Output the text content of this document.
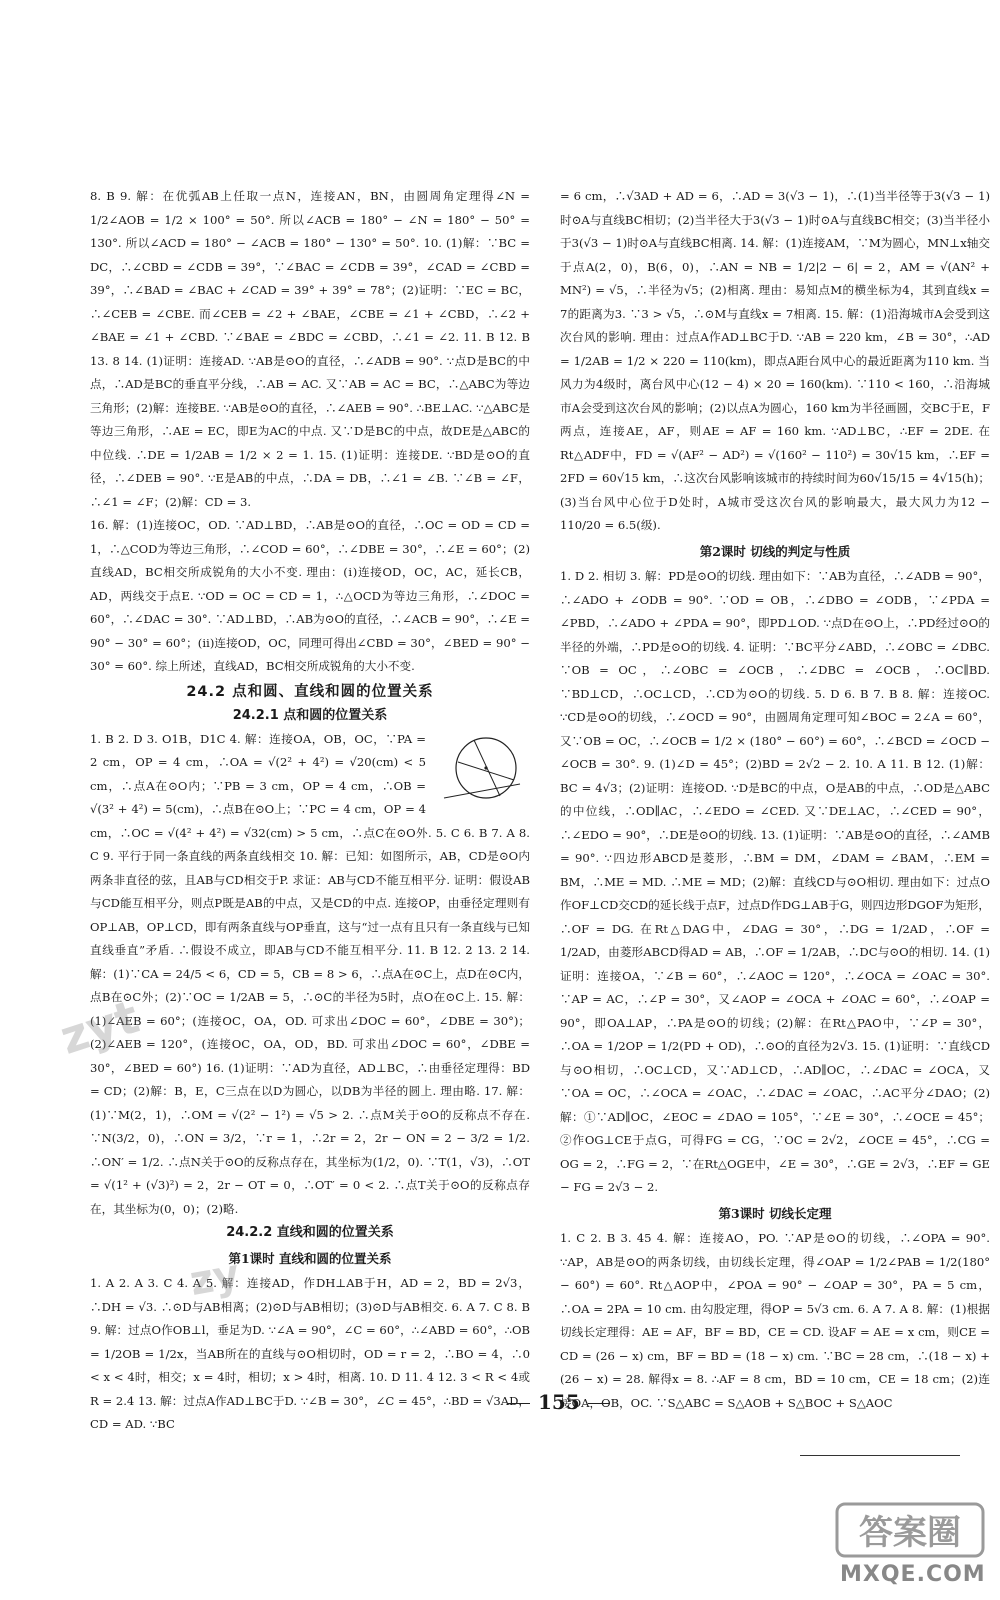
8. B 9. 解：在优弧AB上任取一点N，连接AN，BN，由圆周角定理得∠N = 1/2∠AOB = 1/2 × 100° = 50°. 所以∠ACB = 180° − ∠N = 180° − 50° = 130°. 所以∠ACD = 180° − ∠ACB = 180° − 130° = 50°. 10. (1)解：∵BC = DC，∴∠CBD = ∠CDB = 39°，∵∠BAC = ∠CDB = 39°，∠CAD = ∠CBD = 39°，∴∠BAD = ∠BAC + ∠CAD = 39° + 39° = 78°；(2)证明：∵EC = BC，∴∠CEB = ∠CBE. 而∠CEB = ∠2 + ∠BAE，∠CBE = ∠1 + ∠CBD，∴∠2 + ∠BAE = ∠1 + ∠CBD. ∵∠BAE = ∠BDC = ∠CBD，∴∠1 = ∠2. 11. B 12. B 13. 8 14. (1)证明：连接AD. ∵AB是⊙O的直径，∴∠ADB = 90°. ∵点D是BC的中点，∴AD是BC的垂直平分线，∴AB = AC. 又∵AB = AC = BC，∴△ABC为等边三角形；(2)解：连接BE. ∵AB是⊙O的直径，∴∠AEB = 90°. ∴BE⊥AC. ∵△ABC是等边三角形，∴AE = EC，即E为AC的中点. 又∵D是BC的中点，故DE是△ABC的中位线. ∴DE = 1/2AB = 1/2 × 2 = 1. 15. (1)证明：连接DE. ∵BD是⊙O的直径，∴∠DEB = 90°. ∵E是AB的中点，∴DA = DB，∴∠1 = ∠B. ∵∠B = ∠F，∴∠1 = ∠F；(2)解：CD = 3.

16. 解：(1)连接OC，OD. ∵AD⊥BD，∴AB是⊙O的直径，∴OC = OD = CD = 1，∴△COD为等边三角形，∴∠COD = 60°，∴∠DBE = 30°，∴∠E = 60°；(2)直线AD，BC相交所成锐角的大小不变. 理由：(ⅰ)连接OD，OC，AC，延长CB，AD，两线交于点E. ∵OD = OC = CD = 1，∴△OCD为等边三角形，∴∠DOC = 60°，∴∠DAC = 30°. ∵AD⊥BD，∴AB为⊙O的直径，∴∠ACB = 90°，∴∠E = 90° − 30° = 60°；(ⅱ)连接OD，OC，同理可得出∠CBD = 30°，∠BED = 90° − 30° = 60°. 综上所述，直线AD，BC相交所成锐角的大小不变.

24.2 点和圆、直线和圆的位置关系
24.2.1 点和圆的位置关系

1. B 2. D 3. O1B，D1C 4. 解：连接OA，OB，OC，∵PA = 2 cm，OP = 4 cm，∴OA = √(2² + 4²) = √20(cm) < 5 cm，∴点A在⊙O内；∵PB = 3 cm，OP = 4 cm，∴OB = √(3² + 4²) = 5(cm)，∴点B在⊙O上；∵PC = 4 cm，OP = 4 cm，∴OC = √(4² + 4²) = √32(cm) > 5 cm，∴点C在⊙O外. 5. C 6. B 7. A 8. C 9. 平行于同一条直线的两条直线相交 10. 解：已知：如图所示，AB，CD是⊙O内两条非直径的弦，且AB与CD相交于P. 求证：AB与CD不能互相平分. 证明：假设AB与CD能互相平分，则点P既是AB的中点，又是CD的中点. 连接OP，由垂径定理则有OP⊥AB，OP⊥CD，即有两条直线与OP垂直，这与“过一点有且只有一条直线与已知直线垂直”矛盾. ∴假设不成立，即AB与CD不能互相平分. 11. B 12. 2 13. 2 14. 解：(1)∵CA = 24/5 < 6，CD = 5，CB = 8 > 6，∴点A在⊙C上，点D在⊙C内，点B在⊙C外；(2)∵OC = 1/2AB = 5，∴⊙C的半径为5时，点O在⊙C上. 15. 解：(1)∠AEB = 60°；(连接OC，OA，OD. 可求出∠DOC = 60°，∠DBE = 30°)；(2)∠AEB = 120°，(连接OC，OA，OD，BD. 可求出∠DOC = 60°，∠DBE = 30°，∠BED = 60°) 16. (1)证明：∵AD为直径，AD⊥BC，∴由垂径定理得：BD = CD；(2)解：B，E，C三点在以D为圆心，以DB为半径的圆上. 理由略. 17. 解：(1)∵M(2，1)，∴OM = √(2² − 1²) = √5 > 2. ∴点M关于⊙O的反称点不存在. ∵N(3/2，0)，∴ON = 3/2，∵r = 1，∴2r = 2，2r − ON = 2 − 3/2 = 1/2. ∴ON′ = 1/2. ∴点N关于⊙O的反称点存在，其坐标为(1/2，0). ∵T(1，√3)，∴OT = √(1² + (√3)²) = 2，2r − OT = 0，∴OT′ = 0 < 2. ∴点T关于⊙O的反称点存在，其坐标为(0，0)；(2)略.

24.2.2 直线和圆的位置关系
第1课时 直线和圆的位置关系

1. A 2. A 3. C 4. A 5. 解：连接AD，作DH⊥AB于H，AD = 2，BD = 2√3，∴DH = √3. ∴⊙D与AB相离；(2)⊙D与AB相切；(3)⊙D与AB相交. 6. A 7. C 8. B 9. 解：过点O作OB⊥l，垂足为D. ∵∠A = 90°，∠C = 60°，∴∠ABD = 60°，∴OB = 1/2OB = 1/2x，当AB所在的直线与⊙O相切时，OD = r = 2，∴BO = 4，∴0 < x < 4时，相交；x = 4时，相切；x > 4时，相离. 10. D 11. 4 12. 3 < R < 4或R = 2.4 13. 解：过点A作AD⊥BC于D. ∵∠B = 30°，∠C = 45°，∴BD = √3AD，CD = AD. ∵BC

= 6 cm，∴√3AD + AD = 6，∴AD = 3(√3 − 1)，∴(1)当半径等于3(√3 − 1)时⊙A与直线BC相切；(2)当半径大于3(√3 − 1)时⊙A与直线BC相交；(3)当半径小于3(√3 − 1)时⊙A与直线BC相离. 14. 解：(1)连接AM，∵M为圆心，MN⊥x轴交于点A(2，0)，B(6，0)，∴AN = NB = 1/2|2 − 6| = 2，AM = √(AN² + MN²) = √5，∴半径为√5；(2)相离. 理由：易知点M的横坐标为4，其到直线x = 7的距离为3. ∵3 > √5，∴⊙M与直线x = 7相离. 15. 解：(1)沿海城市A会受到这次台风的影响. 理由：过点A作AD⊥BC于D. ∵AB = 220 km，∠B = 30°，∴AD = 1/2AB = 1/2 × 220 = 110(km)，即点A距台风中心的最近距离为110 km. 当风力为4级时，离台风中心(12 − 4) × 20 = 160(km). ∵110 < 160，∴沿海城市A会受到这次台风的影响；(2)以点A为圆心，160 km为半径画圆，交BC于E，F两点，连接AE，AF，则AE = AF = 160 km. ∵AD⊥BC，∴EF = 2DE. 在Rt△ADF中，FD = √(AF² − AD²) = √(160² − 110²) = 30√15 km，∴EF = 2FD = 60√15 km，∴这次台风影响该城市的持续时间为60√15/15 = 4√15(h)；(3)当台风中心位于D处时，A城市受这次台风的影响最大，最大风力为12 − 110/20 = 6.5(级).

第2课时 切线的判定与性质

1. D 2. 相切 3. 解：PD是⊙O的切线. 理由如下：∵AB为直径，∴∠ADB = 90°，∴∠ADO + ∠ODB = 90°. ∵OD = OB，∴∠DBO = ∠ODB，∵∠PDA = ∠PBD，∴∠ADO + ∠PDA = 90°，即PD⊥OD. ∵点D在⊙O上，∴PD经过⊙O的半径的外端，∴PD是⊙O的切线. 4. 证明：∵BC平分∠ABD，∴∠OBC = ∠DBC. ∵OB = OC，∴∠OBC = ∠OCB，∴∠DBC = ∠OCB，∴OC∥BD. ∵BD⊥CD，∴OC⊥CD，∴CD为⊙O的切线. 5. D 6. B 7. B 8. 解：连接OC. ∵CD是⊙O的切线，∴∠OCD = 90°，由圆周角定理可知∠BOC = 2∠A = 60°，又∵OB = OC，∴∠OCB = 1/2 × (180° − 60°) = 60°，∴∠BCD = ∠OCD − ∠OCB = 30°. 9. (1)∠D = 45°；(2)BD = 2√2 − 2. 10. A 11. B 12. (1)解：BC = 4√3；(2)证明：连接OD. ∵D是BC的中点，O是AB的中点，∴OD是△ABC的中位线，∴OD∥AC，∴∠EDO = ∠CED. 又∵DE⊥AC，∴∠CED = 90°，∴∠EDO = 90°，∴DE是⊙O的切线. 13. (1)证明：∵AB是⊙O的直径，∴∠AMB = 90°. ∵四边形ABCD是菱形，∴BM = DM，∠DAM = ∠BAM，∴EM = BM，∴ME = MD. ∴ME = MD；(2)解：直线CD与⊙O相切. 理由如下：过点O作OF⊥CD交CD的延长线于点F，过点D作DG⊥AB于G，则四边形DGOF为矩形，∴OF = DG. 在Rt△DAG中，∠DAG = 30°，∴DG = 1/2AD，∴OF = 1/2AD，由菱形ABCD得AD = AB，∴OF = 1/2AB，∴DC与⊙O的相切. 14. (1)证明：连接OA，∵∠B = 60°，∴∠AOC = 120°，∴∠OCA = ∠OAC = 30°. ∵AP = AC，∴∠P = 30°，又∠AOP = ∠OCA + ∠OAC = 60°，∴∠OAP = 90°，即OA⊥AP，∴PA是⊙O的切线；(2)解：在Rt△PAO中，∵∠P = 30°，∴OA = 1/2OP = 1/2(PD + OD)，∴⊙O的直径为2√3. 15. (1)证明：∵直线CD与⊙O相切，∴OC⊥CD，又∵AD⊥CD，∴AD∥OC，∴∠DAC = ∠OCA，又∵OA = OC，∴∠OCA = ∠OAC，∴∠DAC = ∠OAC，∴AC平分∠DAO；(2)解：①∵AD∥OC，∠EOC = ∠DAO = 105°，∵∠E = 30°，∴∠OCE = 45°；②作OG⊥CE于点G，可得FG = CG，∵OC = 2√2，∠OCE = 45°，∴CG = OG = 2，∴FG = 2，∵在Rt△OGE中，∠E = 30°，∴GE = 2√3，∴EF = GE − FG = 2√3 − 2.

第3课时 切线长定理

1. C 2. B 3. 45 4. 解：连接AO，PO. ∵AP是⊙O的切线，∴∠OPA = 90°. ∵AP，AB是⊙O的两条切线，由切线长定理，得∠OAP = 1/2∠PAB = 1/2(180° − 60°) = 60°. Rt△AOP中，∠POA = 90° − ∠OAP = 30°，PA = 5 cm，∴OA = 2PA = 10 cm. 由勾股定理，得OP = 5√3 cm. 6. A 7. A 8. 解：(1)根据切线长定理得：AE = AF，BF = BD，CE = CD. 设AF = AE = x cm，则CE = CD = (26 − x) cm，BF = BD = (18 − x) cm. ∵BC = 28 cm，∴(18 − x) + (26 − x) = 28. 解得x = 8. ∴AF = 8 cm，BD = 10 cm，CE = 18 cm；(2)连接OA，OB，OC. ∵S△ABC = S△AOB + S△BOC + S△AOC

155
zyt
zy
答案圈
MXQE.COM
